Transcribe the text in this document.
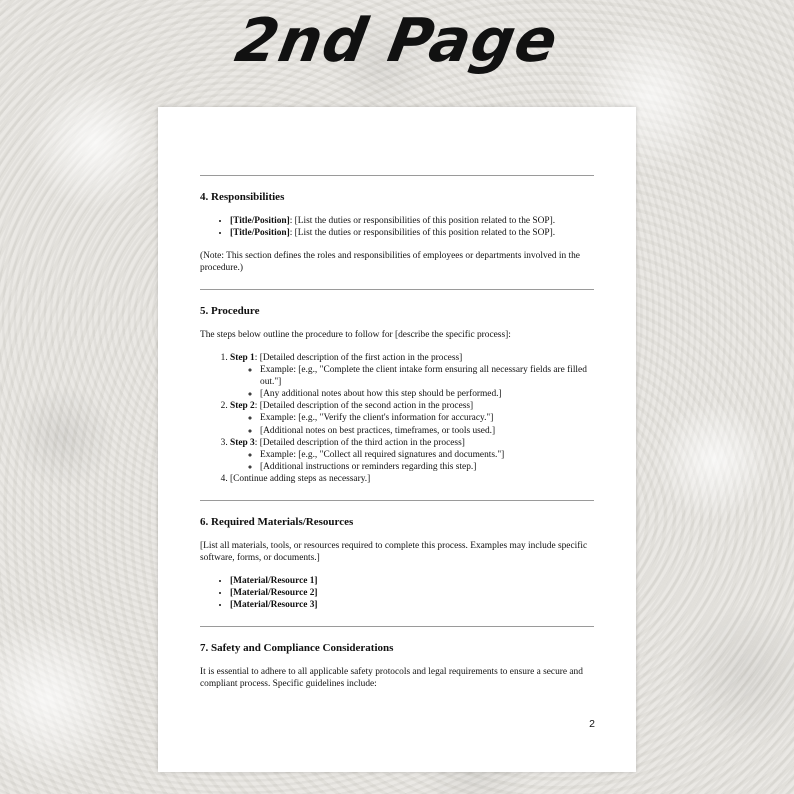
2nd Page
4. Responsibilities
• [Title/Position]: [List the duties or responsibilities of this position related to the SOP].
• [Title/Position]: [List the duties or responsibilities of this position related to the SOP].

(Note: This section defines the roles and responsibilities of employees or departments involved in the procedure.)

5. Procedure

The steps below outline the procedure to follow for [describe the specific process]:

1. Step 1: [Detailed description of the first action in the process]
◦ Example: [e.g., "Complete the client intake form ensuring all necessary fields are filled out."]
◦ [Any additional notes about how this step should be performed.]
2. Step 2: [Detailed description of the second action in the process]
◦ Example: [e.g., "Verify the client's information for accuracy."]
◦ [Additional notes on best practices, timeframes, or tools used.]
3. Step 3: [Detailed description of the third action in the process]
◦ Example: [e.g., "Collect all required signatures and documents."]
◦ [Additional instructions or reminders regarding this step.]
4. [Continue adding steps as necessary.]
6. Required Materials/Resources

[List all materials, tools, or resources required to complete this process. Examples may include specific software, forms, or documents.]

• [Material/Resource 1]
• [Material/Resource 2]
• [Material/Resource 3]
7. Safety and Compliance Considerations

It is essential to adhere to all applicable safety protocols and legal requirements to ensure a secure and compliant process. Specific guidelines include:

2
